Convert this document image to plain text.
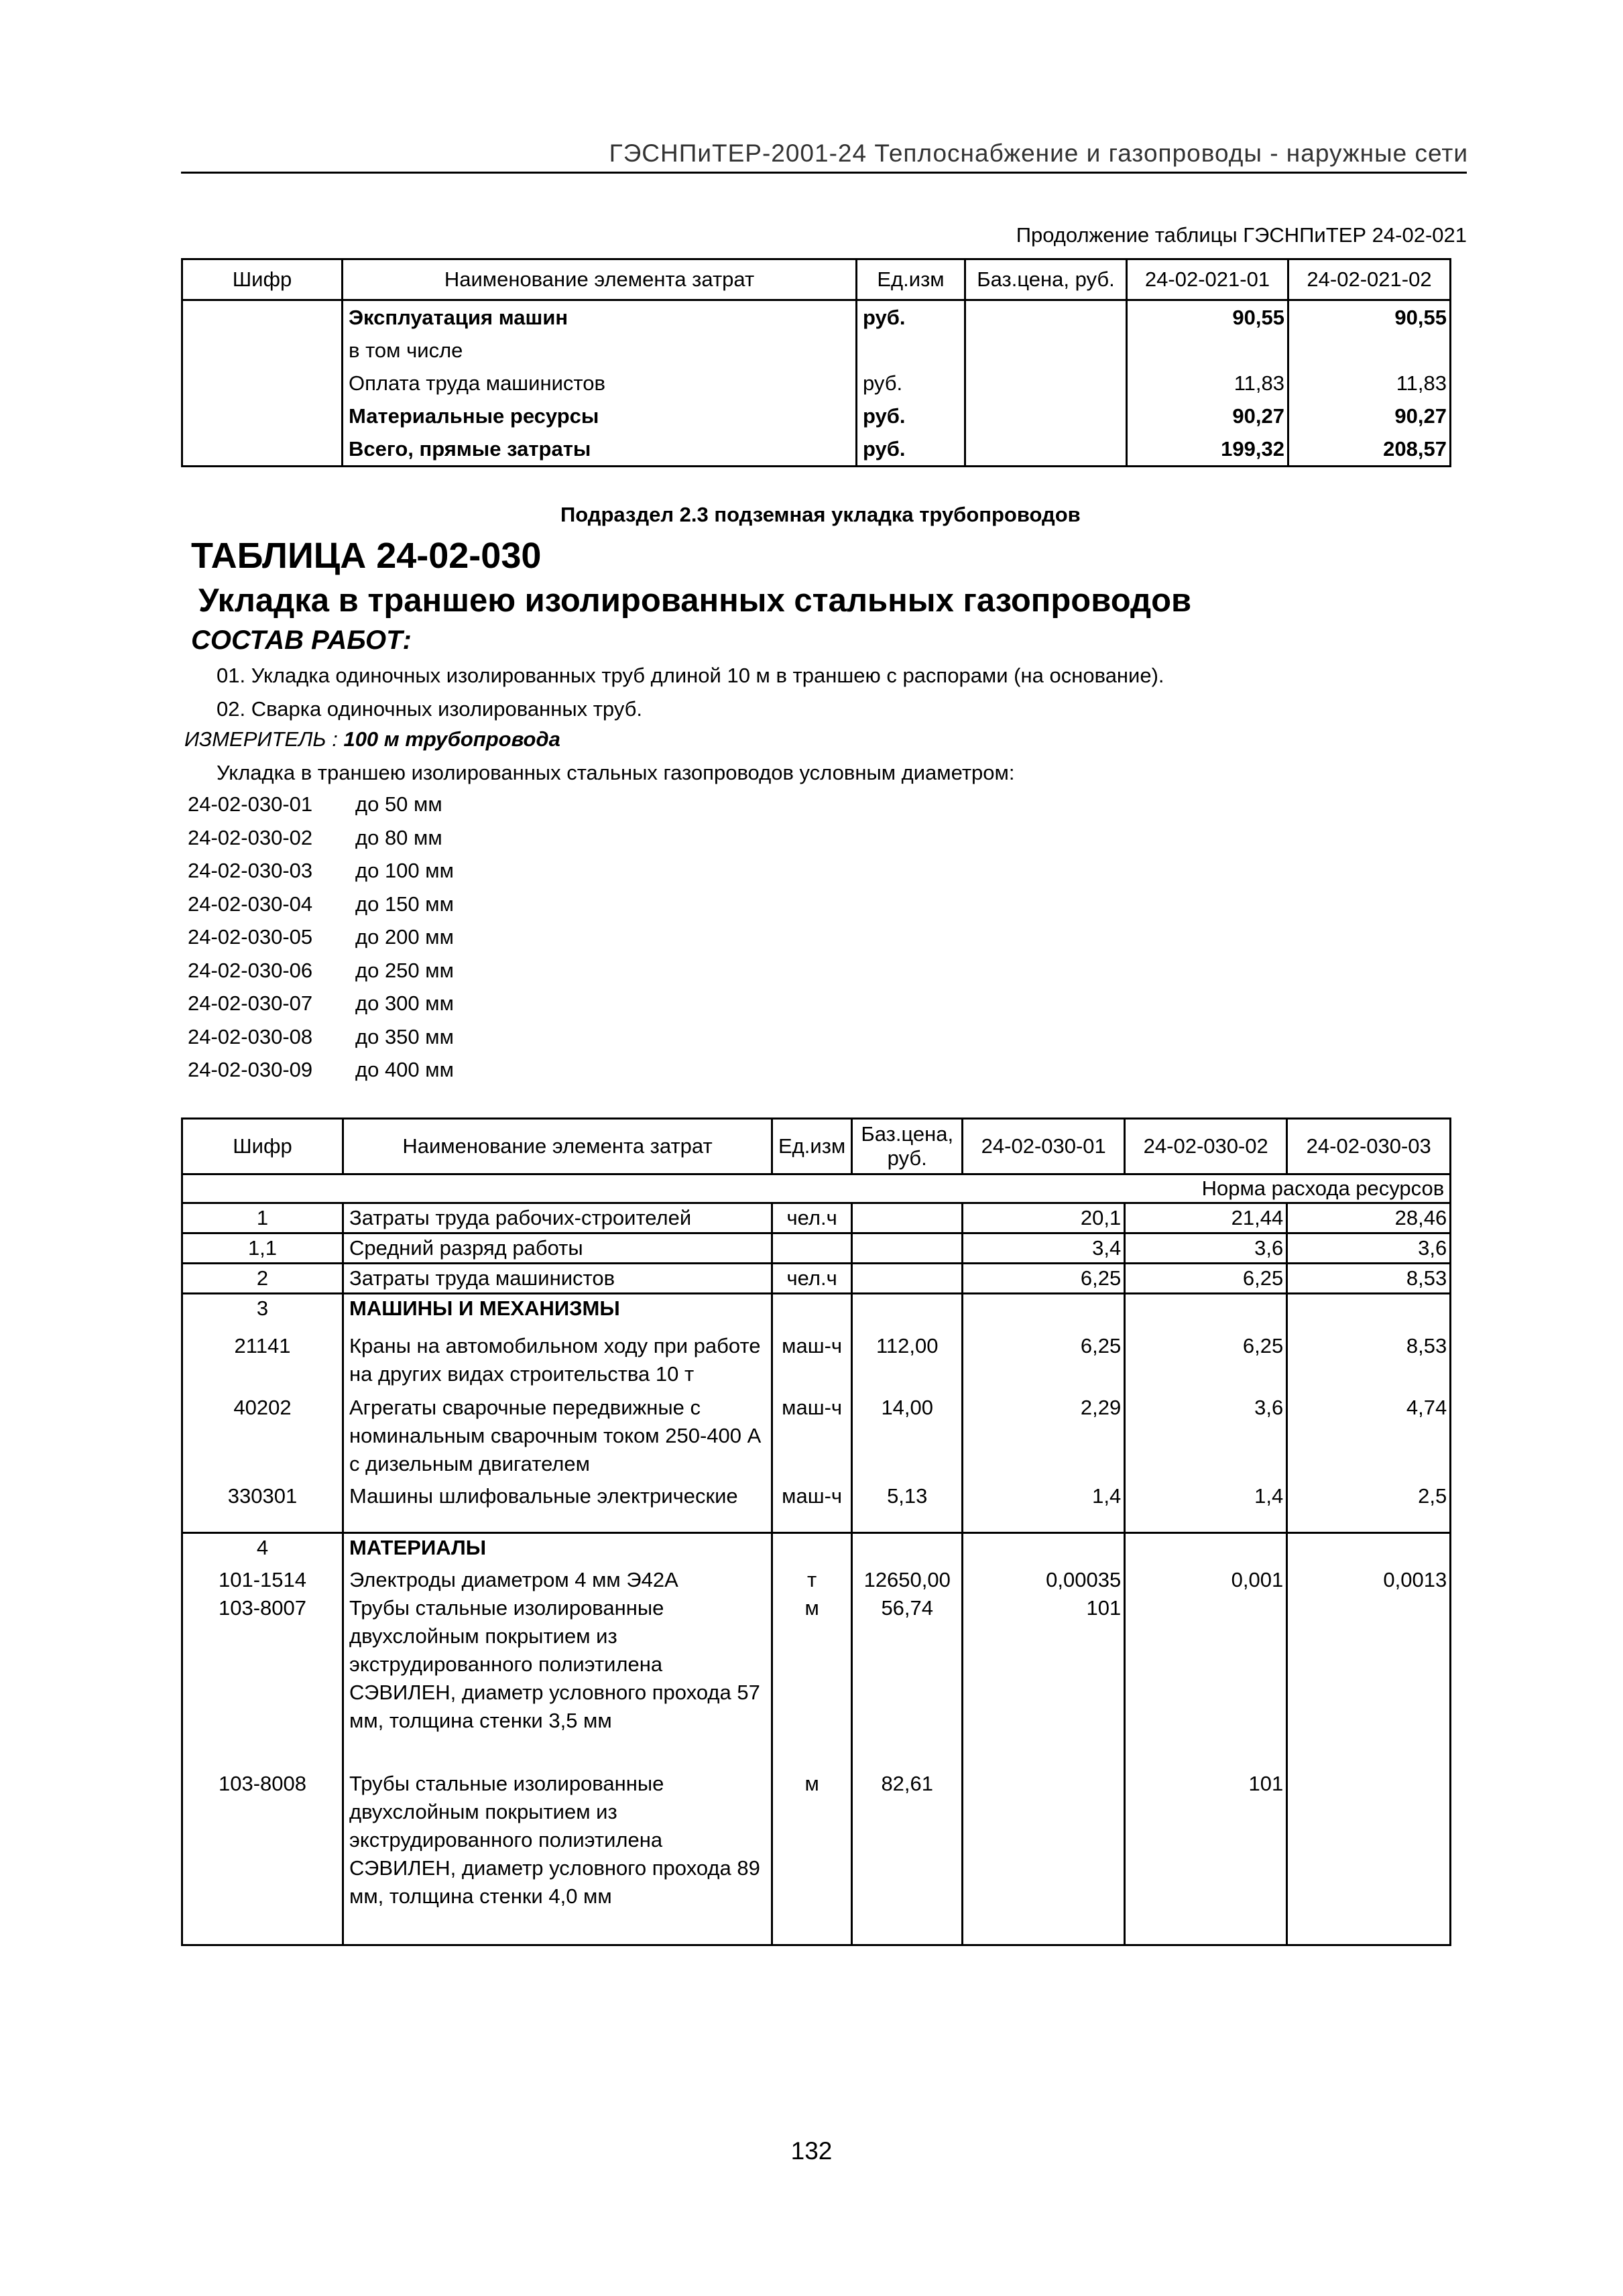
ГЭСНПиТЕР-2001-24 Теплоснабжение и газопроводы - наружные сети
Продолжение таблицы ГЭСНПиТЕР 24-02-021
Шифр	Наименование элемента затрат	Ед.изм	Баз.цена, руб.	24-02-021-01	24-02-021-02
	Эксплуатация машин	руб.		90,55	90,55
	в том числе				
	Оплата труда машинистов	руб.		11,83	11,83
	Материальные ресурсы	руб.		90,27	90,27
	Всего, прямые затраты	руб.		199,32	208,57
Подраздел 2.3 подземная укладка трубопроводов
ТАБЛИЦА 24-02-030
Укладка в траншею изолированных стальных газопроводов
СОСТАВ РАБОТ:
01. Укладка одиночных изолированных труб длиной 10 м в траншею с распорами (на основание).
02. Сварка одиночных изолированных труб.
ИЗМЕРИТЕЛЬ : 100 м трубопровода
Укладка в траншею изолированных стальных газопроводов условным диаметром:
24-02-030-01	до 50 мм
24-02-030-02	до 80 мм
24-02-030-03	до 100 мм
24-02-030-04	до 150 мм
24-02-030-05	до 200 мм
24-02-030-06	до 250 мм
24-02-030-07	до 300 мм
24-02-030-08	до 350 мм
24-02-030-09	до 400 мм
Шифр	Наименование элемента затрат	Ед.изм	Баз.цена, руб.	24-02-030-01	24-02-030-02	24-02-030-03
Норма расхода ресурсов						
1	Затраты труда рабочих-строителей	чел.ч		20,1	21,44	28,46
1,1	Средний разряд работы			3,4	3,6	3,6
2	Затраты труда машинистов	чел.ч		6,25	6,25	8,53
3	МАШИНЫ И МЕХАНИЗМЫ					
21141	Краны на автомобильном ходу при работе на других видах строительства 10 т	маш-ч	112,00	6,25	6,25	8,53
40202	Агрегаты сварочные передвижные с номинальным сварочным током 250-400 А с дизельным двигателем	маш-ч	14,00	2,29	3,6	4,74
330301	Машины шлифовальные электрические	маш-ч	5,13	1,4	1,4	2,5
4	МАТЕРИАЛЫ					
101-1514	Электроды диаметром 4 мм Э42А	т	12650,00	0,00035	0,001	0,0013
103-8007	Трубы стальные изолированные двухслойным покрытием из экструдированного полиэтилена СЭВИЛЕН, диаметр условного прохода 57 мм, толщина стенки 3,5 мм	м	56,74	101		
103-8008	Трубы стальные изолированные двухслойным покрытием из экструдированного полиэтилена СЭВИЛЕН, диаметр условного прохода 89 мм, толщина стенки 4,0 мм	м	82,61		101	
132
